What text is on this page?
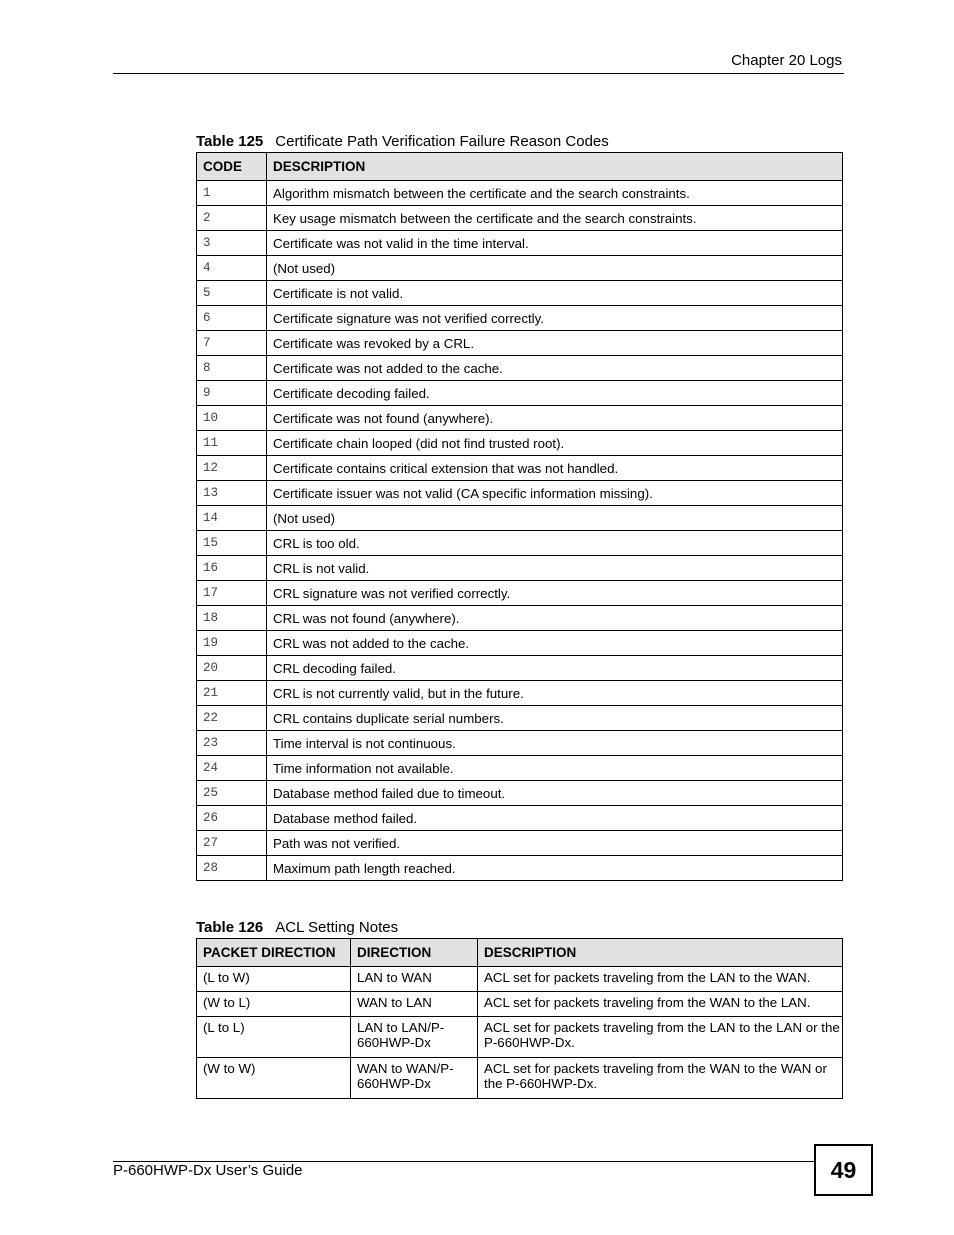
Chapter 20 Logs
Table 125 Certificate Path Verification Failure Reason Codes
CODE	DESCRIPTION
1	Algorithm mismatch between the certificate and the search constraints.
2	Key usage mismatch between the certificate and the search constraints.
3	Certificate was not valid in the time interval.
4	(Not used)
5	Certificate is not valid.
6	Certificate signature was not verified correctly.
7	Certificate was revoked by a CRL.
8	Certificate was not added to the cache.
9	Certificate decoding failed.
10	Certificate was not found (anywhere).
11	Certificate chain looped (did not find trusted root).
12	Certificate contains critical extension that was not handled.
13	Certificate issuer was not valid (CA specific information missing).
14	(Not used)
15	CRL is too old.
16	CRL is not valid.
17	CRL signature was not verified correctly.
18	CRL was not found (anywhere).
19	CRL was not added to the cache.
20	CRL decoding failed.
21	CRL is not currently valid, but in the future.
22	CRL contains duplicate serial numbers.
23	Time interval is not continuous.
24	Time information not available.
25	Database method failed due to timeout.
26	Database method failed.
27	Path was not verified.
28	Maximum path length reached.
Table 126 ACL Setting Notes
PACKET DIRECTION	DIRECTION	DESCRIPTION
(L to W)	LAN to WAN	ACL set for packets traveling from the LAN to the WAN.
(W to L)	WAN to LAN	ACL set for packets traveling from the WAN to the LAN.
(L to L)	LAN to LAN/P-660HWP-Dx	ACL set for packets traveling from the LAN to the LAN or the P-660HWP-Dx.
(W to W)	WAN to WAN/P-660HWP-Dx	ACL set for packets traveling from the WAN to the WAN or the P-660HWP-Dx.
P-660HWP-Dx User’s Guide	49
